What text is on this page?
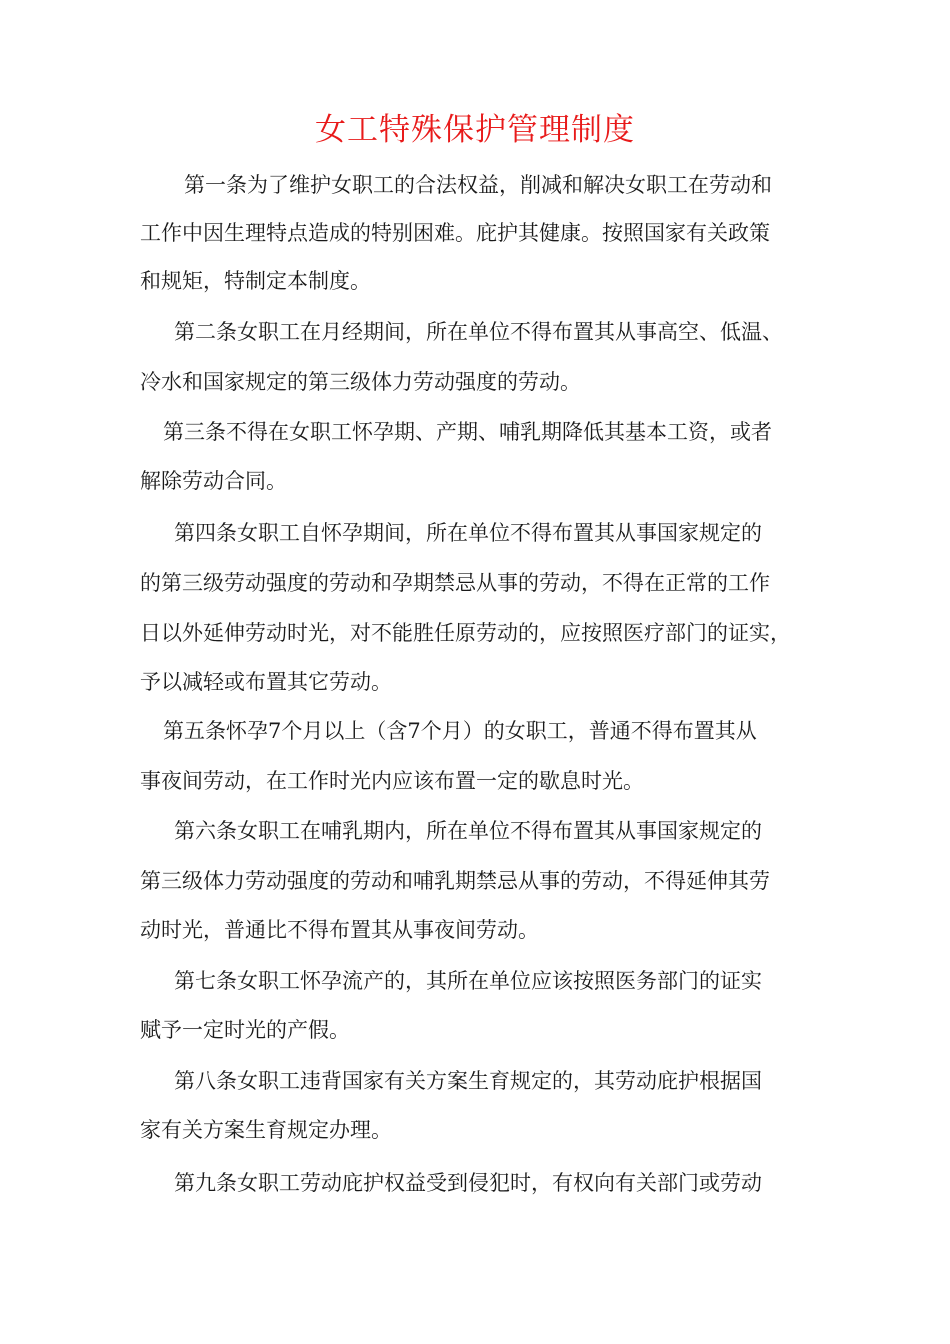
女工特殊保护管理制度
第一条为了维护女职工的合法权益，削减和解决女职工在劳动和
工作中因生理特点造成的特别困难。庇护其健康。按照国家有关政策
和规矩，特制定本制度。
第二条女职工在月经期间，所在单位不得布置其从事高空、低温、
冷水和国家规定的第三级体力劳动强度的劳动。
第三条不得在女职工怀孕期、产期、哺乳期降低其基本工资，或者
解除劳动合同。
第四条女职工自怀孕期间，所在单位不得布置其从事国家规定的
的第三级劳动强度的劳动和孕期禁忌从事的劳动，不得在正常的工作
日以外延伸劳动时光，对不能胜任原劳动的，应按照医疗部门的证实，
予以减轻或布置其它劳动。
第五条怀孕7个月以上（含7个月）的女职工，普通不得布置其从
事夜间劳动，在工作时光内应该布置一定的歇息时光。
第六条女职工在哺乳期内，所在单位不得布置其从事国家规定的
第三级体力劳动强度的劳动和哺乳期禁忌从事的劳动，不得延伸其劳
动时光，普通比不得布置其从事夜间劳动。
第七条女职工怀孕流产的，其所在单位应该按照医务部门的证实
赋予一定时光的产假。
第八条女职工违背国家有关方案生育规定的，其劳动庇护根据国
家有关方案生育规定办理。
第九条女职工劳动庇护权益受到侵犯时，有权向有关部门或劳动
